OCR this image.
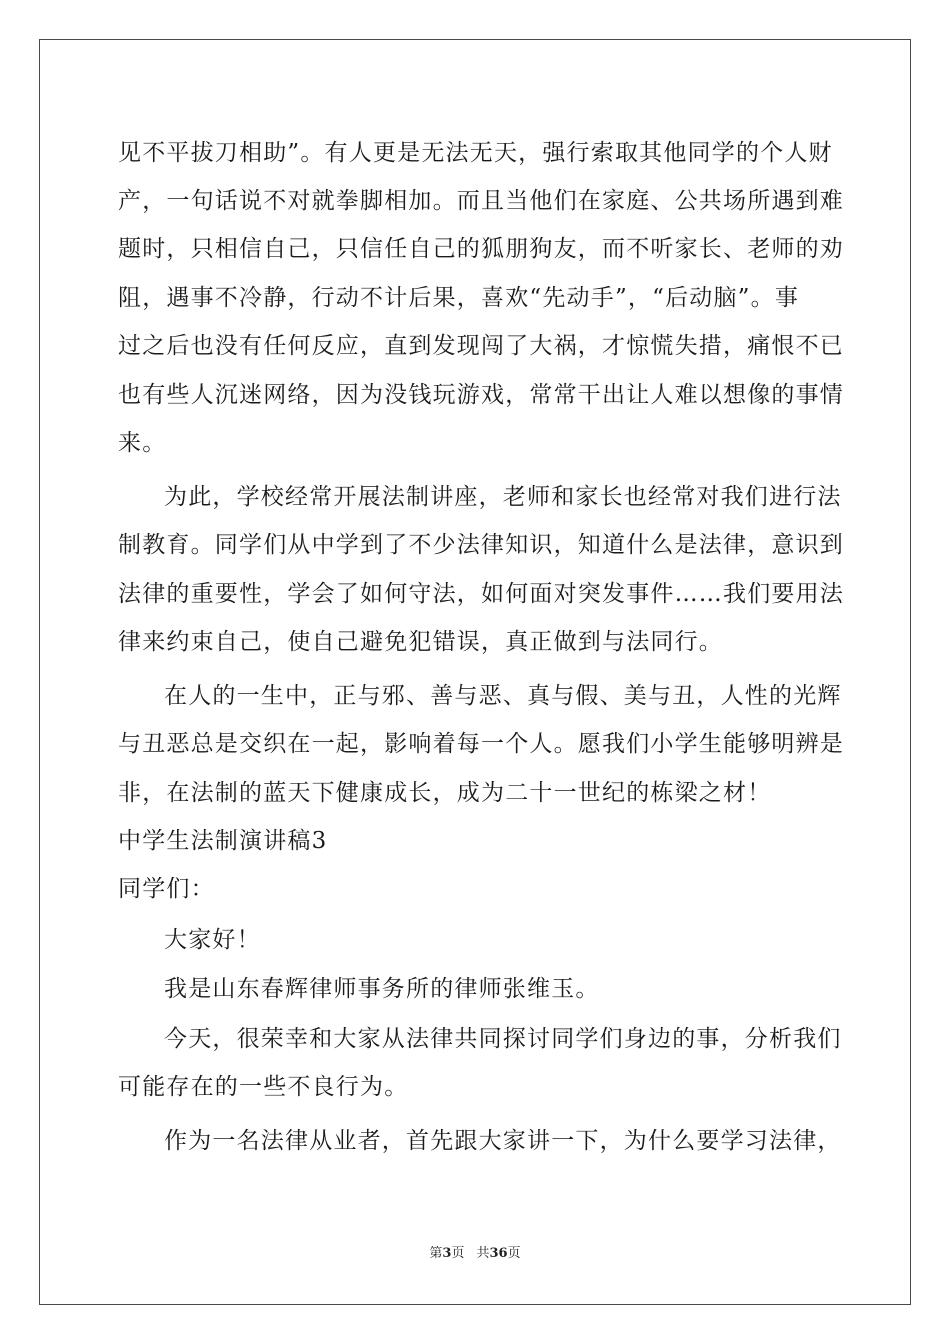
见不平拔刀相助”。有人更是无法无天，强行索取其他同学的个人财
产，一句话说不对就拳脚相加。而且当他们在家庭、公共场所遇到难
题时，只相信自己，只信任自己的狐朋狗友，而不听家长、老师的劝
阻，遇事不冷静，行动不计后果，喜欢“先动手”，“后动脑”。事
过之后也没有任何反应，直到发现闯了大祸，才惊慌失措，痛恨不已
也有些人沉迷网络，因为没钱玩游戏，常常干出让人难以想像的事情
来。
为此，学校经常开展法制讲座，老师和家长也经常对我们进行法
制教育。同学们从中学到了不少法律知识，知道什么是法律，意识到
法律的重要性，学会了如何守法，如何面对突发事件……我们要用法
律来约束自己，使自己避免犯错误，真正做到与法同行。
在人的一生中，正与邪、善与恶、真与假、美与丑，人性的光辉
与丑恶总是交织在一起，影响着每一个人。愿我们小学生能够明辨是
非，在法制的蓝天下健康成长，成为二十一世纪的栋梁之材！
中学生法制演讲稿3
同学们：
大家好！
我是山东春辉律师事务所的律师张维玉。
今天，很荣幸和大家从法律共同探讨同学们身边的事，分析我们
可能存在的一些不良行为。
作为一名法律从业者，首先跟大家讲一下，为什么要学习法律，
第3页 共36页
